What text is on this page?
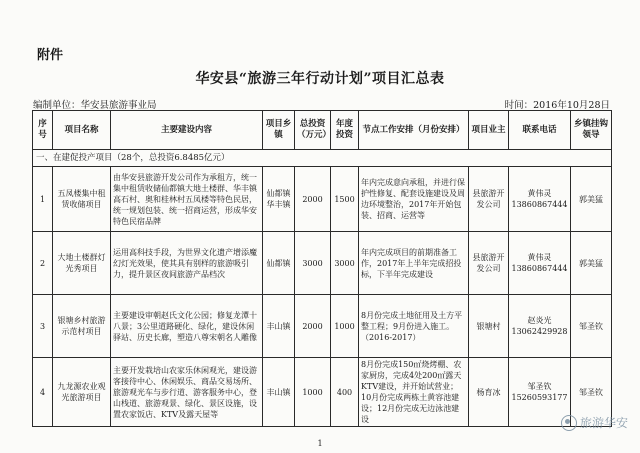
附件
华安县“旅游三年行动计划”项目汇总表
编制单位：华安县旅游事业局	时间：2016年10月28日
序号	项目名称	主要建设内容	项目乡镇	总投资（万元）	年度投资	节点工作安排（月份安排）	项目业主	联系电话	乡镇挂钩领导
一、在建促投产项目（28个，总投资6.8485亿元）									
1	五凤楼集中租赁收储项目	由华安县旅游开发公司作为承租方，统一集中租赁收储仙都镇大地土楼群、华丰镇高石村、奥和桂林村五凤楼等特色民居，统一规划包装、统一招商运营，形成华安特色民宿品牌	仙都镇华丰镇	2000	1500	年内完成意向承租，并进行保护性修复、配套设施建设及周边环境整治，2017年开始包装、招商、运营等	县旅游开发公司	黄伟灵13860867444	郭美猛
2	大地土楼群灯光秀项目	运用高科技手段，为世界文化遗产增添魔幻灯光效果，使其具有别样的旅游吸引力，提升景区夜间旅游产品档次	仙都镇	3000	3000	年内完成项目的前期准备工作，2017年上半年完成招投标，下半年完成建设	县旅游开发公司	黄伟灵13860867444	郭美猛
3	银塘乡村旅游示范村项目	主要建设审朝赵氏文化公园；修复龙潭十八景；3公里道路硬化、绿化，建设休闲驿站、历史长廊，塑造八尊宋朝名人雕像	丰山镇	2000	1000	8月份完成土地征用及土方平整工程；9月份进入施工。（2016-2017）	银塘村	赵炎光13062429928	邹圣钦
4	九龙源农业观光旅游项目	主要开发栽培山农家乐休闲观光，建设游客接待中心、休闲娱乐、商品交易场所、旅游观光车与步行道、游客服务中心，登山栈道、旅游观景、绿化、景区设施，设置农家饭店、KTV及露天屋等	丰山镇	1000	400	8月份完成150㎡烧烤棚、农家厨房，完成4处200㎡露天KTV建设，并开始试营业；10月份完成两栋土黄容池建设；12月份完成无边泳池建设	杨育冰	邹圣钦15260593177	邹圣钦
旅游华安
1
